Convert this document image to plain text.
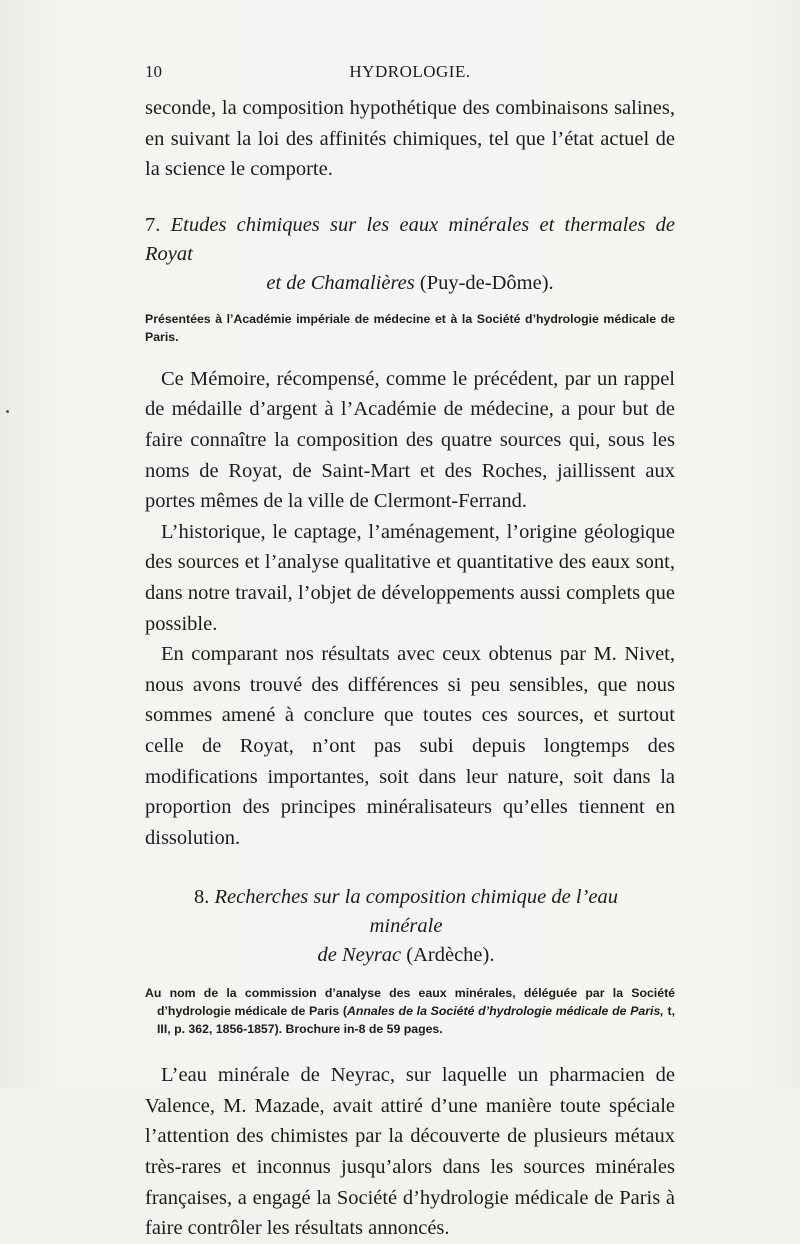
10	HYDROLOGIE.

seconde, la composition hypothétique des combinaisons salines, en suivant la loi des affinités chimiques, tel que l’état actuel de la science le comporte.

7. Etudes chimiques sur les eaux minérales et thermales de Royat
et de Chamalières (Puy-de-Dôme).

Présentées à l’Académie impériale de médecine et à la Société d’hydrologie médicale de Paris.

Ce Mémoire, récompensé, comme le précédent, par un rappel de médaille d’argent à l’Académie de médecine, a pour but de faire connaître la composition des quatre sources qui, sous les noms de Royat, de Saint-Mart et des Roches, jaillissent aux portes mêmes de la ville de Clermont-Ferrand.

L’historique, le captage, l’aménagement, l’origine géologique des sources et l’analyse qualitative et quantitative des eaux sont, dans notre travail, l’objet de développements aussi complets que possible.

En comparant nos résultats avec ceux obtenus par M. Nivet, nous avons trouvé des différences si peu sensibles, que nous sommes amené à conclure que toutes ces sources, et surtout celle de Royat, n’ont pas subi depuis longtemps des modifications importantes, soit dans leur nature, soit dans la proportion des principes minéralisateurs qu’elles tiennent en dissolution.

8. Recherches sur la composition chimique de l’eau minérale
de Neyrac (Ardèche).

Au nom de la commission d’analyse des eaux minérales, déléguée par la Société d’hydrologie médicale de Paris (Annales de la Société d’hydrologie médicale de Paris, t, III, p. 362, 1856-1857). Brochure in-8 de 59 pages.

L’eau minérale de Neyrac, sur laquelle un pharmacien de Valence, M. Mazade, avait attiré d’une manière toute spéciale l’attention des chimistes par la découverte de plusieurs métaux très-rares et inconnus jusqu’alors dans les sources minérales françaises, a engagé la Société d’hydrologie médicale de Paris à faire contrôler les résultats annoncés.
